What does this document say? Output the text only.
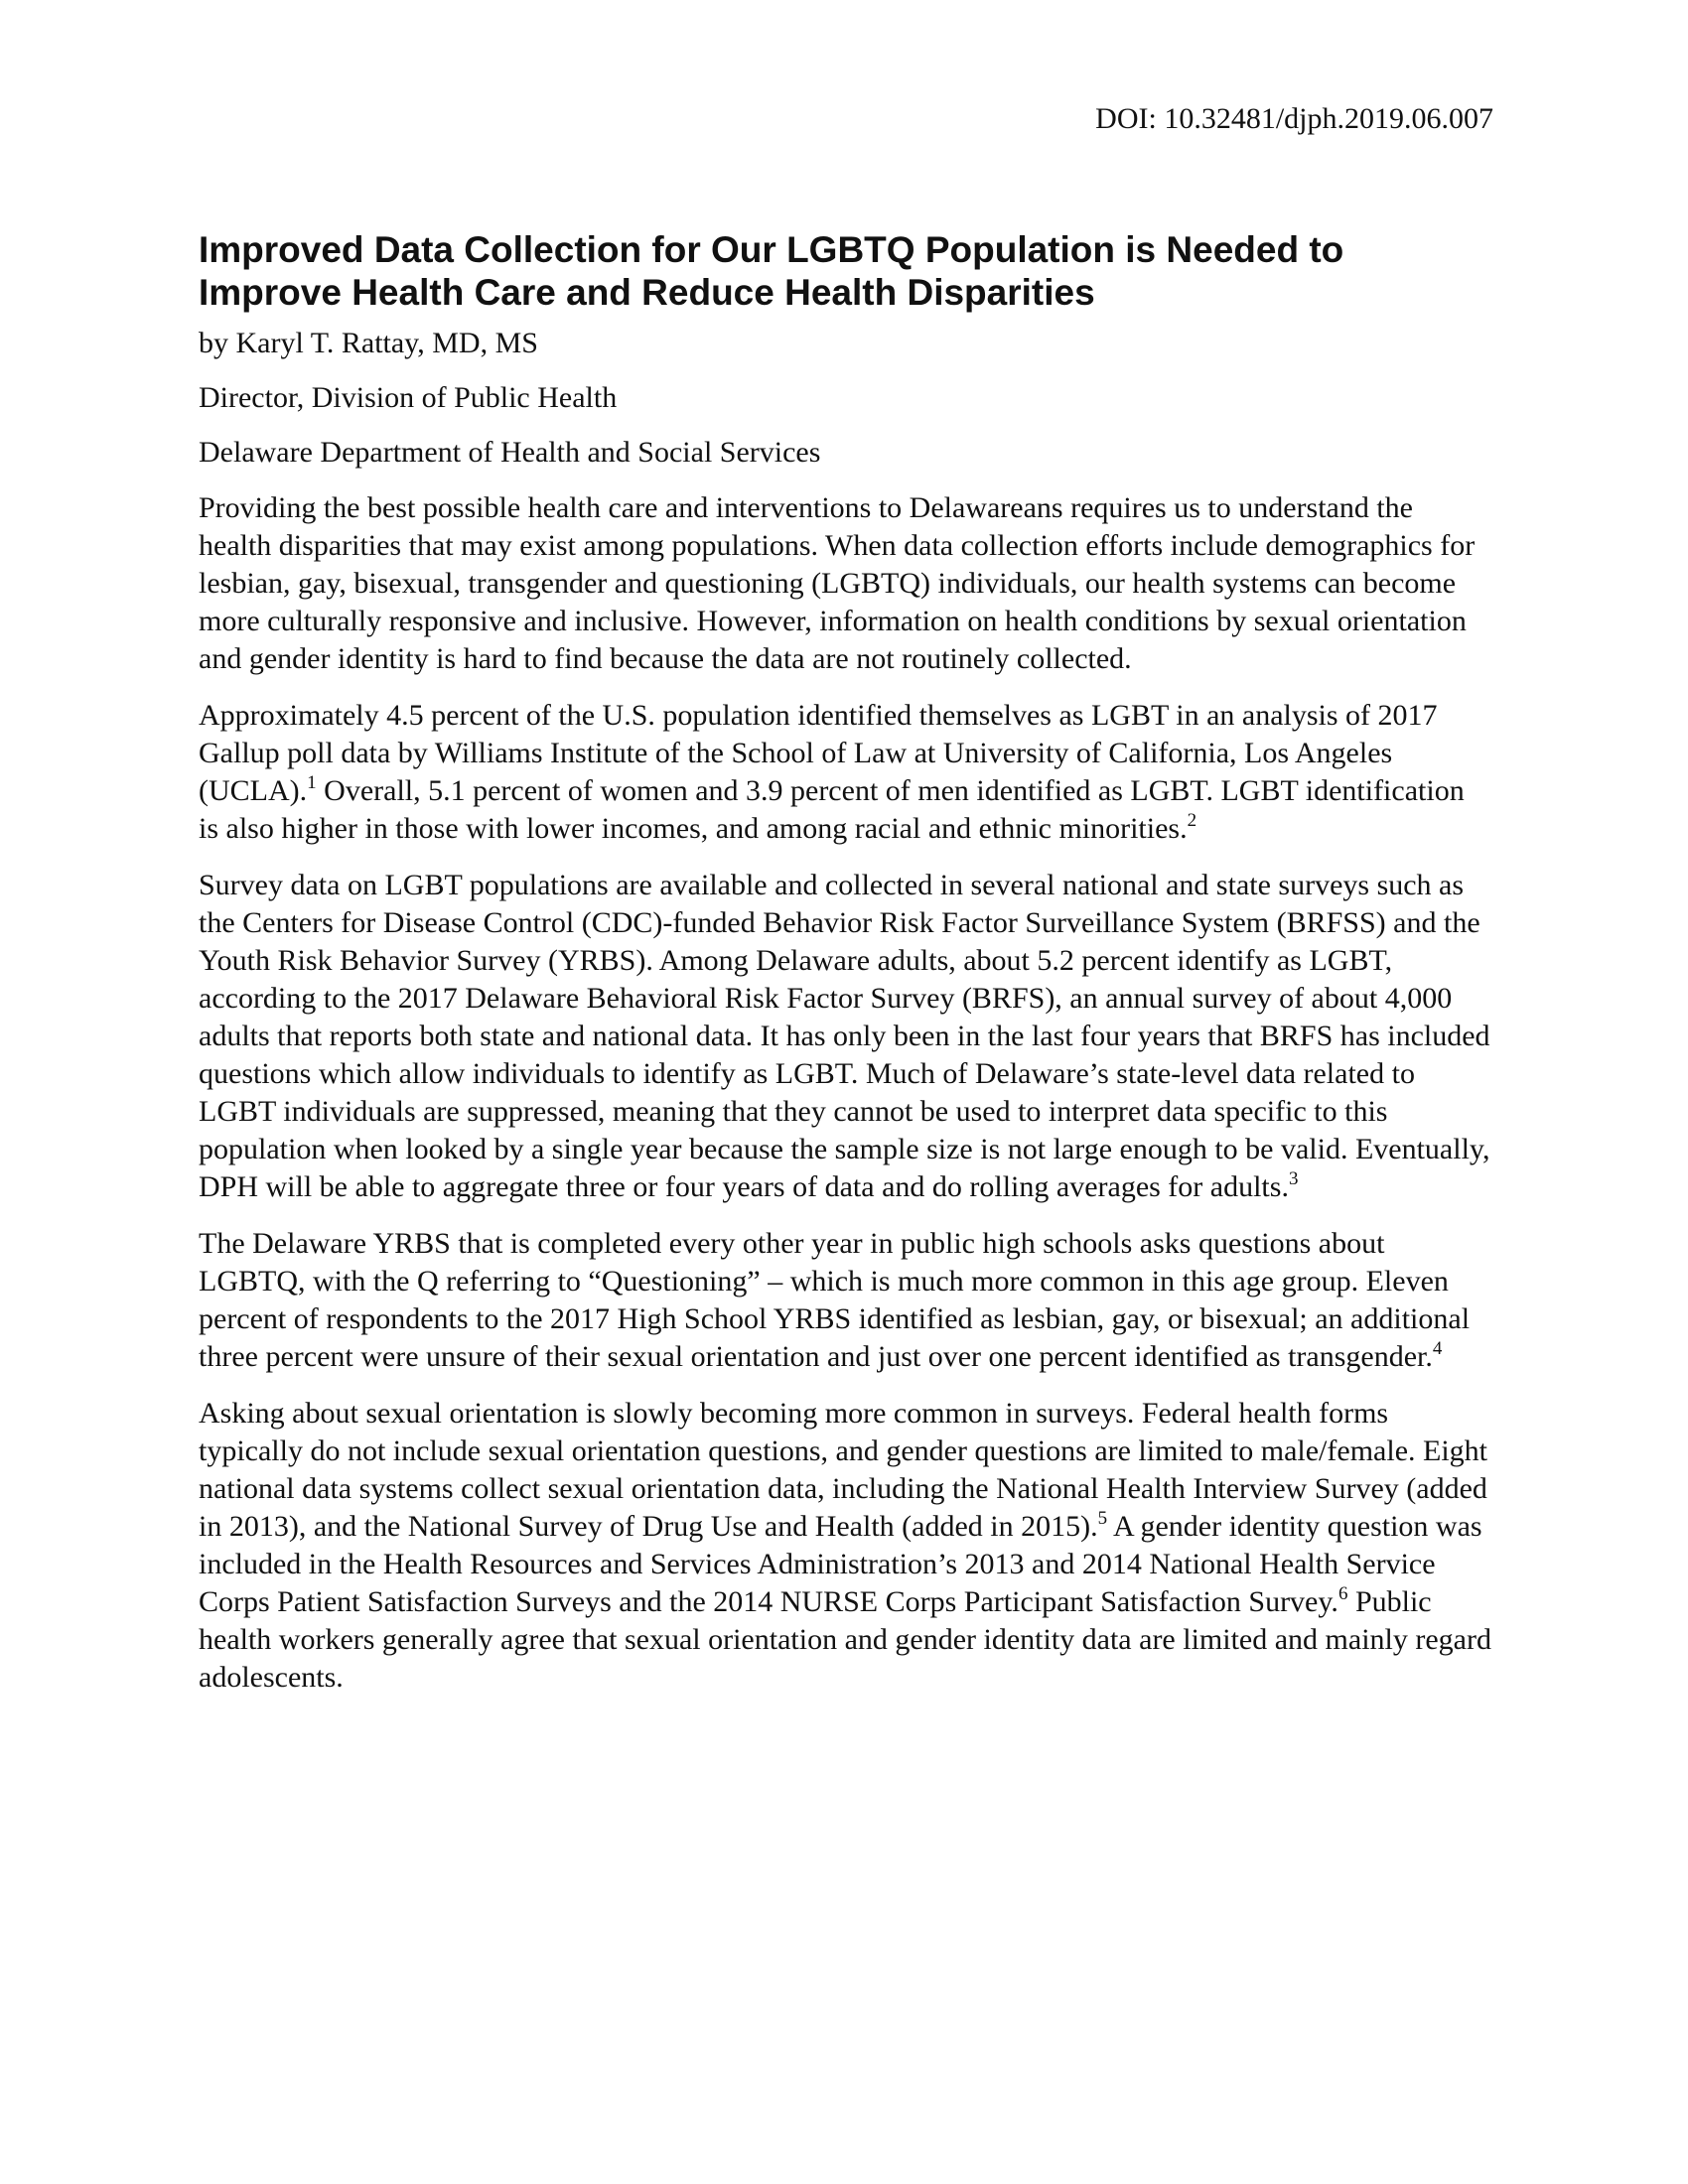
DOI: 10.32481/djph.2019.06.007
Improved Data Collection for Our LGBTQ Population is Needed to Improve Health Care and Reduce Health Disparities

by Karyl T. Rattay, MD, MS

Director, Division of Public Health

Delaware Department of Health and Social Services

Providing the best possible health care and interventions to Delawareans requires us to understand the health disparities that may exist among populations. When data collection efforts include demographics for lesbian, gay, bisexual, transgender and questioning (LGBTQ) individuals, our health systems can become more culturally responsive and inclusive. However, information on health conditions by sexual orientation and gender identity is hard to find because the data are not routinely collected.

Approximately 4.5 percent of the U.S. population identified themselves as LGBT in an analysis of 2017 Gallup poll data by Williams Institute of the School of Law at University of California, Los Angeles (UCLA).$^1$ Overall, 5.1 percent of women and 3.9 percent of men identified as LGBT. LGBT identification is also higher in those with lower incomes, and among racial and ethnic minorities.$^2$

Survey data on LGBT populations are available and collected in several national and state surveys such as the Centers for Disease Control (CDC)-funded Behavior Risk Factor Surveillance System (BRFSS) and the Youth Risk Behavior Survey (YRBS). Among Delaware adults, about 5.2 percent identify as LGBT, according to the 2017 Delaware Behavioral Risk Factor Survey (BRFS), an annual survey of about 4,000 adults that reports both state and national data. It has only been in the last four years that BRFS has included questions which allow individuals to identify as LGBT. Much of Delaware’s state-level data related to LGBT individuals are suppressed, meaning that they cannot be used to interpret data specific to this population when looked by a single year because the sample size is not large enough to be valid. Eventually, DPH will be able to aggregate three or four years of data and do rolling averages for adults.$^3$

The Delaware YRBS that is completed every other year in public high schools asks questions about LGBTQ, with the Q referring to “Questioning” – which is much more common in this age group. Eleven percent of respondents to the 2017 High School YRBS identified as lesbian, gay, or bisexual; an additional three percent were unsure of their sexual orientation and just over one percent identified as transgender.$^4$

Asking about sexual orientation is slowly becoming more common in surveys. Federal health forms typically do not include sexual orientation questions, and gender questions are limited to male/female. Eight national data systems collect sexual orientation data, including the National Health Interview Survey (added in 2013), and the National Survey of Drug Use and Health (added in 2015).$^5$ A gender identity question was included in the Health Resources and Services Administration’s 2013 and 2014 National Health Service Corps Patient Satisfaction Surveys and the 2014 NURSE Corps Participant Satisfaction Survey.$^6$ Public health workers generally agree that sexual orientation and gender identity data are limited and mainly regard adolescents.
